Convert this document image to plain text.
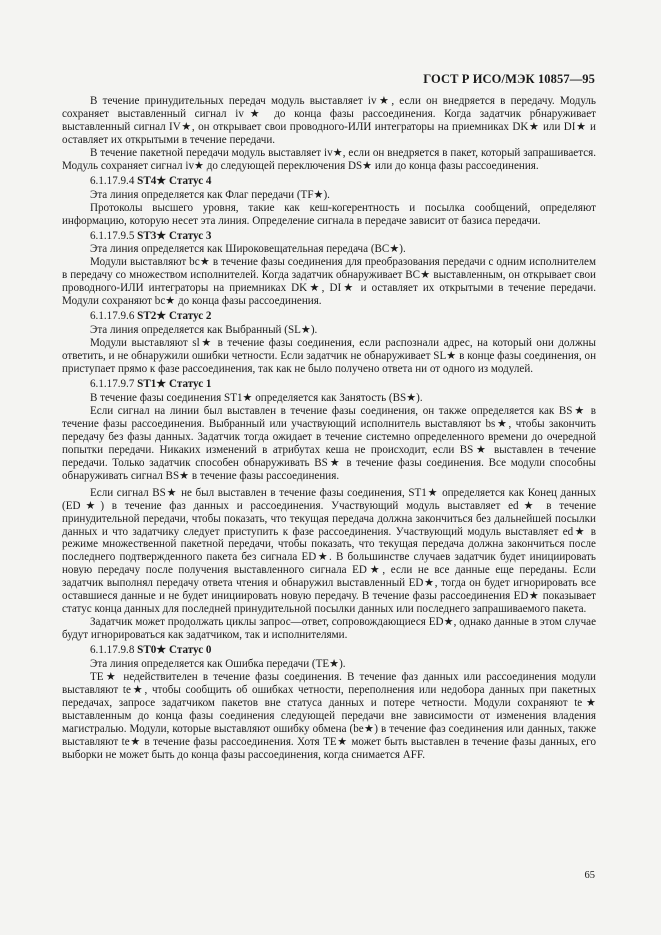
ГОСТ Р ИСО/МЭК 10857—95

В течение принудительных передач модуль выставляет iv★, если он внедряется в передачу. Модуль сохраняет выставленный сигнал iv★ до конца фазы рассоединения. Когда задатчик рбнаруживает выставленный сигнал IV★, он открывает свои проводного-ИЛИ интеграторы на приемниках DK★ или DI★ и оставляет их открытыми в течение передачи.

В течение пакетной передачи модуль выставляет iv★, если он внедряется в пакет, который запрашивается. Модуль сохраняет сигнал iv★ до следующей переключения DS★ или до конца фазы рассоединения.

6.1.17.9.4 ST4★ Статус 4

Эта линия определяется как Флаг передачи (TF★).

Протоколы высшего уровня, такие как кеш-когерентность и посылка сообщений, определяют информацию, которую несет эта линия. Определение сигнала в передаче зависит от базиса передачи.

6.1.17.9.5 ST3★ Статус 3

Эта линия определяется как Широковещательная передача (BC★).

Модули выставляют bc★ в течение фазы соединения для преобразования передачи с одним исполнителем в передачу со множеством исполнителей. Когда задатчик обнаруживает BC★ выставленным, он открывает свои проводного-ИЛИ интеграторы на приемниках DK★, DI★ и оставляет их открытыми в течение передачи. Модули сохраняют bc★ до конца фазы рассоединения.

6.1.17.9.6 ST2★ Статус 2

Эта линия определяется как Выбранный (SL★).

Модули выставляют sl★ в течение фазы соединения, если распознали адрес, на который они должны ответить, и не обнаружили ошибки четности. Если задатчик не обнаруживает SL★ в конце фазы соединения, он приступает прямо к фазе рассоединения, так как не было получено ответа ни от одного из модулей.

6.1.17.9.7 ST1★ Статус 1

В течение фазы соединения ST1★ определяется как Занятость (BS★).

Если сигнал на линии был выставлен в течение фазы соединения, он также определяется как BS★ в течение фазы рассоединения. Выбранный или участвующий исполнитель выставляют bs★, чтобы закончить передачу без фазы данных. Задатчик тогда ожидает в течение системно определенного времени до очередной попытки передачи. Никаких изменений в атрибутах кеша не происходит, если BS★ выставлен в течение передачи. Только задатчик способен обнаруживать BS★ в течение фазы соединения. Все модули способны обнаруживать сигнал BS★ в течение фазы рассоединения.

Если сигнал BS★ не был выставлен в течение фазы соединения, ST1★ определяется как Конец данных (ED★) в течение фаз данных и рассоединения. Участвующий модуль выставляет ed★ в течение принудительной передачи, чтобы показать, что текущая передача должна закончиться без дальнейшей посылки данных и что задатчику следует приступить к фазе рассоединения. Участвующий модуль выставляет ed★ в режиме множественной пакетной передачи, чтобы показать, что текущая передача должна закончиться после последнего подтвержденного пакета без сигнала ED★. В большинстве случаев задатчик будет инициировать новую передачу после получения выставленного сигнала ED★, если не все данные еще переданы. Если задатчик выполнял передачу ответа чтения и обнаружил выставленный ED★, тогда он будет игнорировать все оставшиеся данные и не будет инициировать новую передачу. В течение фазы рассоединения ED★ показывает статус конца данных для последней принудительной посылки данных или последнего запрашиваемого пакета.

Задатчик может продолжать циклы запрос—ответ, сопровождающиеся ED★, однако данные в этом случае будут игнорироваться как задатчиком, так и исполнителями.

6.1.17.9.8 ST0★ Статус 0

Эта линия определяется как Ошибка передачи (TE★).

TE★ недействителен в течение фазы соединения. В течение фаз данных или рассоединения модули выставляют te★, чтобы сообщить об ошибках четности, переполнения или недобора данных при пакетных передачах, запросе задатчиком пакетов вне статуса данных и потере четности. Модули сохраняют te★ выставленным до конца фазы соединения следующей передачи вне зависимости от изменения владения магистралью. Модули, которые выставляют ошибку обмена (be★) в течение фаз соединения или данных, также выставляют te★ в течение фазы рассоединения. Хотя TE★ может быть выставлен в течение фазы данных, его выборки не может быть до конца фазы рассоединения, когда снимается AFF.

65
